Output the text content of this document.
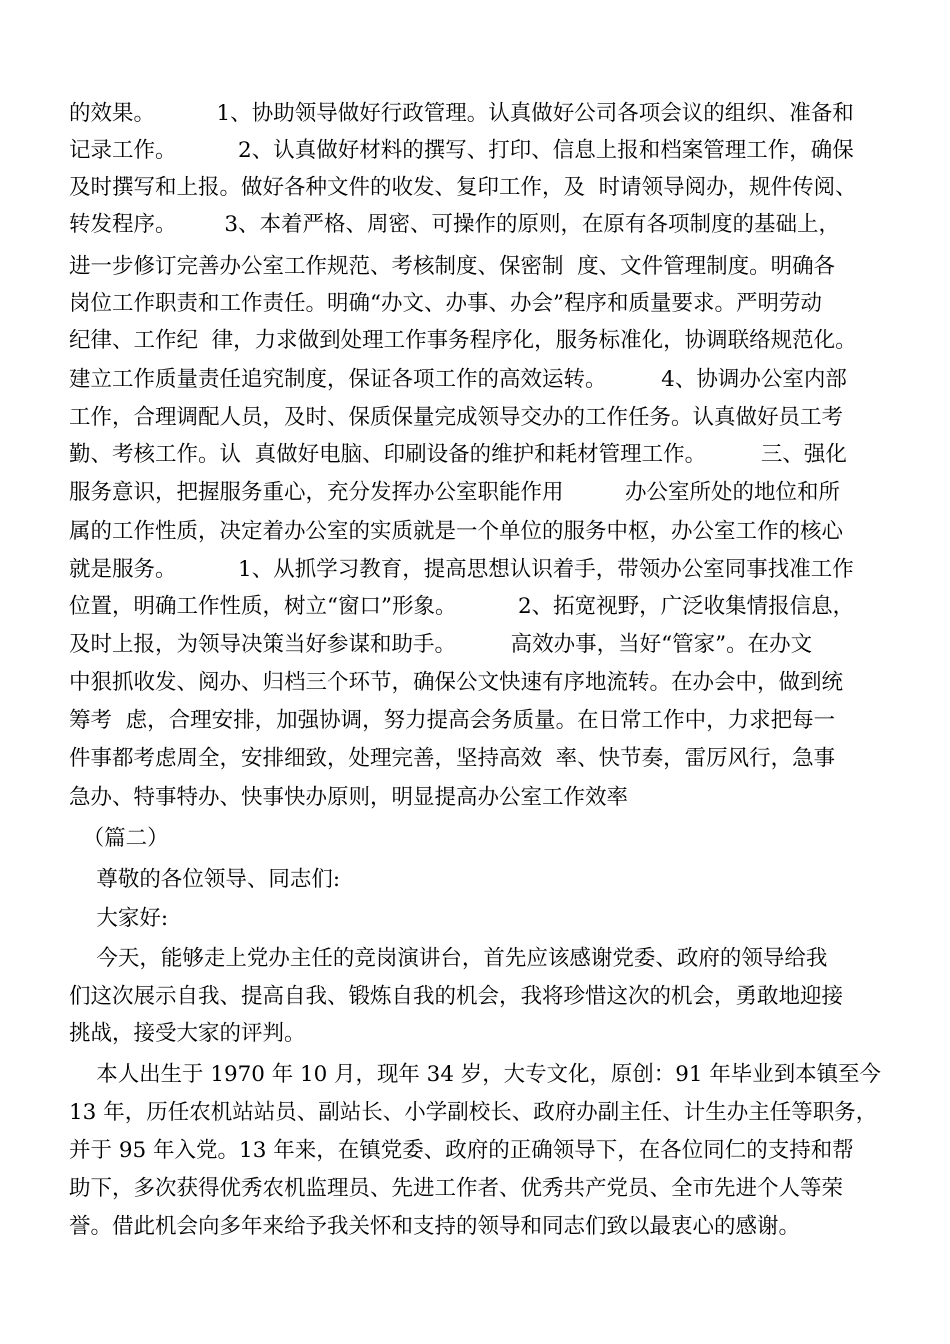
的效果。         1、协助领导做好行政管理。认真做好公司各项会议的组织、准备和
记录工作。         2、认真做好材料的撰写、打印、信息上报和档案管理工作，确保
及时撰写和上报。做好各种文件的收发、复印工作，及  时请领导阅办，规件传阅、
转发程序。       3、本着严格、周密、可操作的原则，在原有各项制度的基础上，
进一步修订完善办公室工作规范、考核制度、保密制  度、文件管理制度。明确各
岗位工作职责和工作责任。明确“办文、办事、办会”程序和质量要求。严明劳动
纪律、工作纪  律，力求做到处理工作事务程序化，服务标准化，协调联络规范化。
建立工作质量责任追究制度，保证各项工作的高效运转。        4、协调办公室内部
工作，合理调配人员，及时、保质保量完成领导交办的工作任务。认真做好员工考
勤、考核工作。认  真做好电脑、印刷设备的维护和耗材管理工作。        三、强化
服务意识，把握服务重心，充分发挥办公室职能作用         办公室所处的地位和所
属的工作性质，决定着办公室的实质就是一个单位的服务中枢，办公室工作的核心
就是服务。         1、从抓学习教育，提高思想认识着手，带领办公室同事找准工作
位置，明确工作性质，树立“窗口”形象。         2、拓宽视野，广泛收集情报信息，
及时上报，为领导决策当好参谋和助手。        高效办事，当好“管家”。在办文
中狠抓收发、阅办、归档三个环节，确保公文快速有序地流转。在办会中，做到统
筹考  虑，合理安排，加强协调，努力提高会务质量。在日常工作中，力求把每一
件事都考虑周全，安排细致，处理完善，坚持高效  率、快节奏，雷厉风行，急事
急办、特事特办、快事快办原则，明显提高办公室工作效率
（篇二）
尊敬的各位领导、同志们:
大家好:
今天，能够走上党办主任的竞岗演讲台，首先应该感谢党委、政府的领导给我
们这次展示自我、提高自我、锻炼自我的机会，我将珍惜这次的机会，勇敢地迎接
挑战，接受大家的评判。
本人出生于 1970 年 10 月，现年 34 岁，大专文化，原创：91 年毕业到本镇至今
13 年，历任农机站站员、副站长、小学副校长、政府办副主任、计生办主任等职务，
并于 95 年入党。13 年来，在镇党委、政府的正确领导下，在各位同仁的支持和帮
助下，多次获得优秀农机监理员、先进工作者、优秀共产党员、全市先进个人等荣
誉。借此机会向多年来给予我关怀和支持的领导和同志们致以最衷心的感谢。
